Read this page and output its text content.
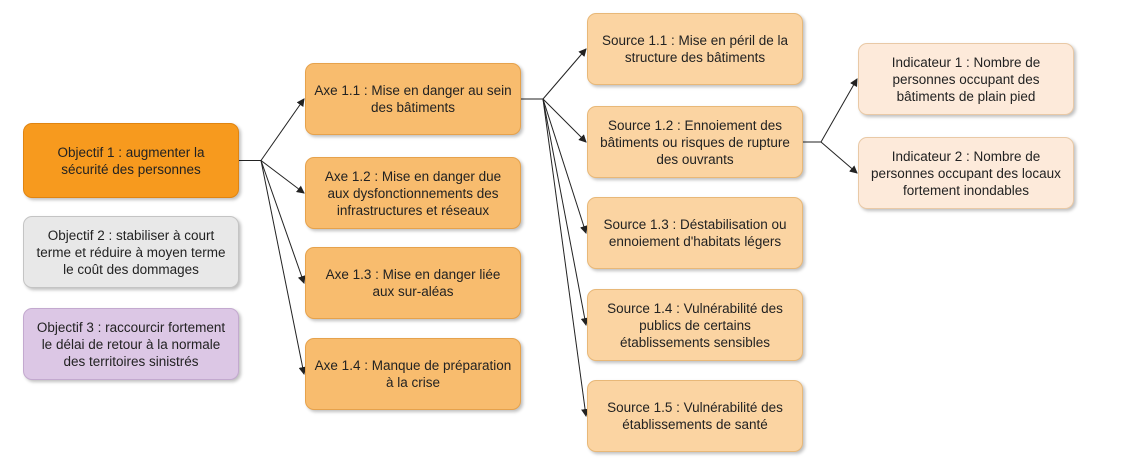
Objectif 1 : augmenter la sécurité des personnes
Objectif 2 : stabiliser à court terme et réduire à moyen terme le coût des dommages
Objectif 3 : raccourcir fortement le délai de retour à la normale des territoires sinistrés
Axe 1.1 : Mise en danger au sein des bâtiments
Axe 1.2 : Mise en danger due aux dysfonctionnements des infrastructures et réseaux
Axe 1.3 : Mise en danger liée aux sur-aléas
Axe 1.4 : Manque de préparation à la crise
Source 1.1 : Mise en péril de la structure des bâtiments
Source 1.2 : Ennoiement des bâtiments ou risques de rupture des ouvrants
Source 1.3 : Déstabilisation ou ennoiement d'habitats légers
Source 1.4 : Vulnérabilité des publics de certains établissements sensibles
Source 1.5 : Vulnérabilité des établissements de santé
Indicateur 1 : Nombre de personnes occupant des bâtiments de plain pied
Indicateur 2 : Nombre de personnes occupant des locaux fortement inondables
